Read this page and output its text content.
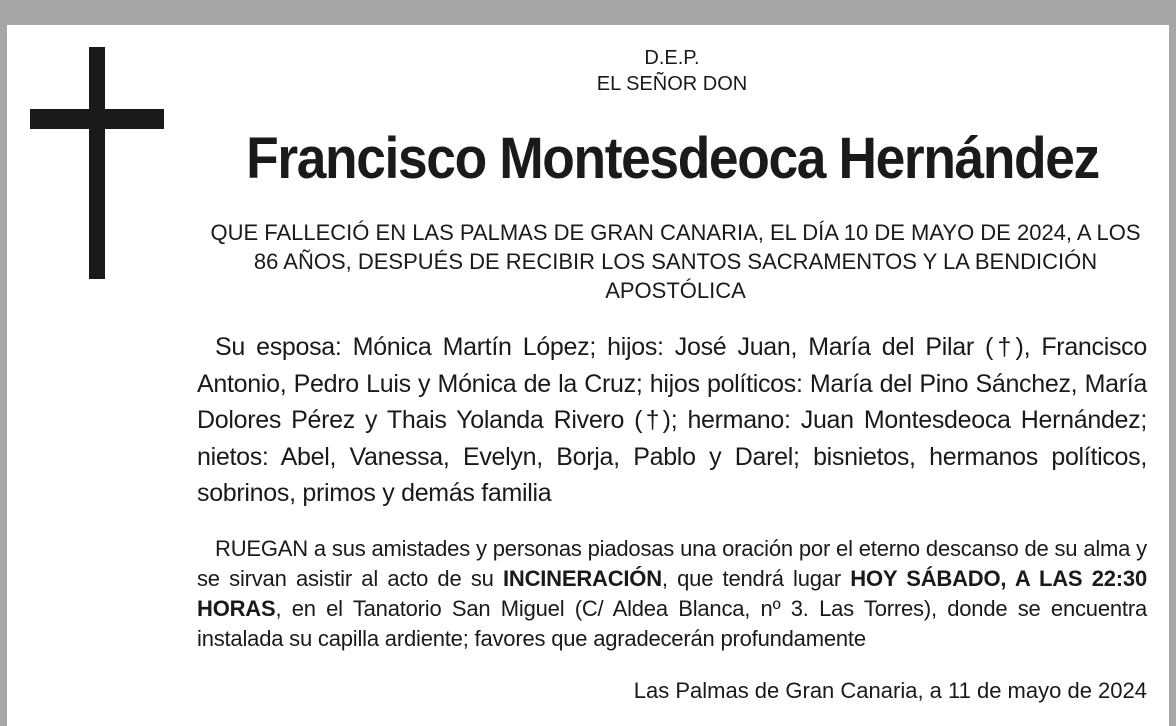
D.E.P.
EL SEÑOR DON
Francisco Montesdeoca Hernández
QUE FALLECIÓ EN LAS PALMAS DE GRAN CANARIA, EL DÍA 10 DE MAYO DE 2024, A LOS 86 AÑOS, DESPUÉS DE RECIBIR LOS SANTOS SACRAMENTOS Y LA BENDICIÓN APOSTÓLICA
Su esposa: Mónica Martín López; hijos: José Juan, María del Pilar (†), Francisco Antonio, Pedro Luis y Mónica de la Cruz; hijos políticos: María del Pino Sánchez, María Dolores Pérez y Thais Yolanda Rivero (†); hermano: Juan Montesdeoca Hernández; nietos: Abel, Vanessa, Evelyn, Borja, Pablo y Darel; bisnietos, hermanos políticos, sobrinos, primos y demás familia
RUEGAN a sus amistades y personas piadosas una oración por el eterno descanso de su alma y se sirvan asistir al acto de su INCINERACIÓN, que tendrá lugar HOY SÁBADO, A LAS 22:30 HORAS, en el Tanatorio San Miguel (C/ Aldea Blanca, nº 3. Las Torres), donde se encuentra instalada su capilla ardiente; favores que agradecerán profundamente
Las Palmas de Gran Canaria, a 11 de mayo de 2024
